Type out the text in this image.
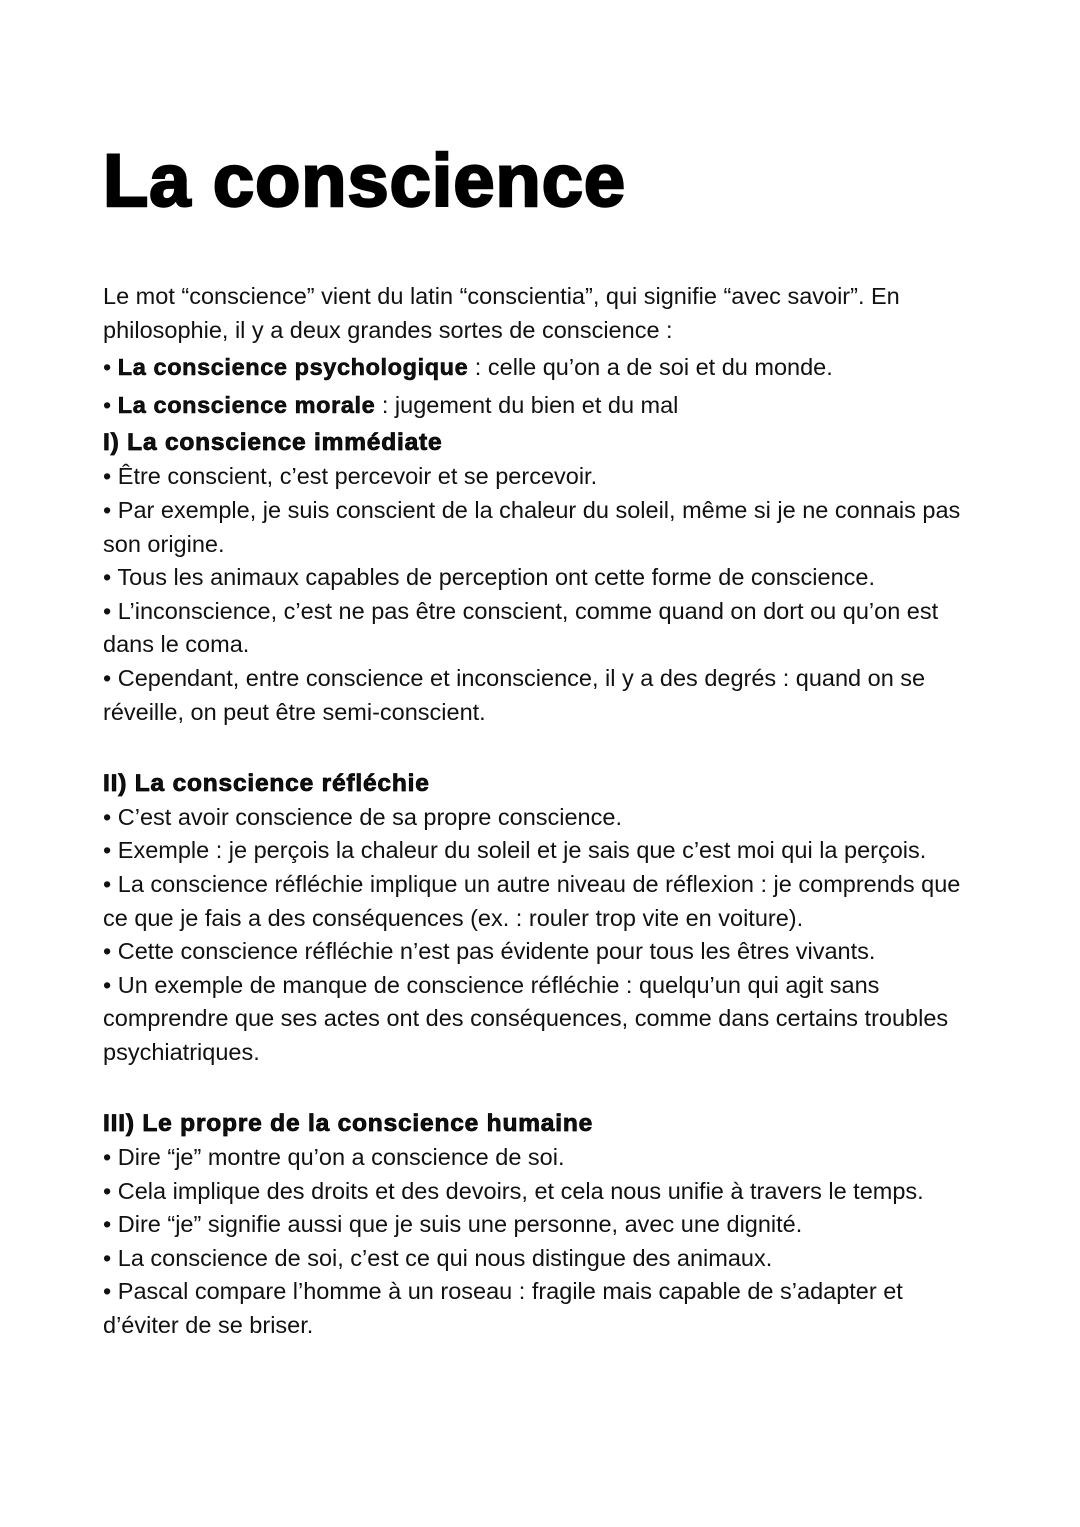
La conscience

Le mot “conscience” vient du latin “conscientia”, qui signifie “avec savoir”. En philosophie, il y a deux grandes sortes de conscience :

• La conscience psychologique : celle qu’on a de soi et du monde.

• La conscience morale : jugement du bien et du mal

I) La conscience immédiate

• Être conscient, c’est percevoir et se percevoir.

• Par exemple, je suis conscient de la chaleur du soleil, même si je ne connais pas son origine.

• Tous les animaux capables de perception ont cette forme de conscience.

• L’inconscience, c’est ne pas être conscient, comme quand on dort ou qu’on est dans le coma.

• Cependant, entre conscience et inconscience, il y a des degrés : quand on se réveille, on peut être semi-conscient.

II) La conscience réfléchie

• C’est avoir conscience de sa propre conscience.

• Exemple : je perçois la chaleur du soleil et je sais que c’est moi qui la perçois.

• La conscience réfléchie implique un autre niveau de réflexion : je comprends que ce que je fais a des conséquences (ex. : rouler trop vite en voiture).

• Cette conscience réfléchie n’est pas évidente pour tous les êtres vivants.

• Un exemple de manque de conscience réfléchie : quelqu’un qui agit sans comprendre que ses actes ont des conséquences, comme dans certains troubles psychiatriques.

III) Le propre de la conscience humaine

• Dire “je” montre qu’on a conscience de soi.

• Cela implique des droits et des devoirs, et cela nous unifie à travers le temps.

• Dire “je” signifie aussi que je suis une personne, avec une dignité.

• La conscience de soi, c’est ce qui nous distingue des animaux.

• Pascal compare l’homme à un roseau : fragile mais capable de s’adapter et d’éviter de se briser.
